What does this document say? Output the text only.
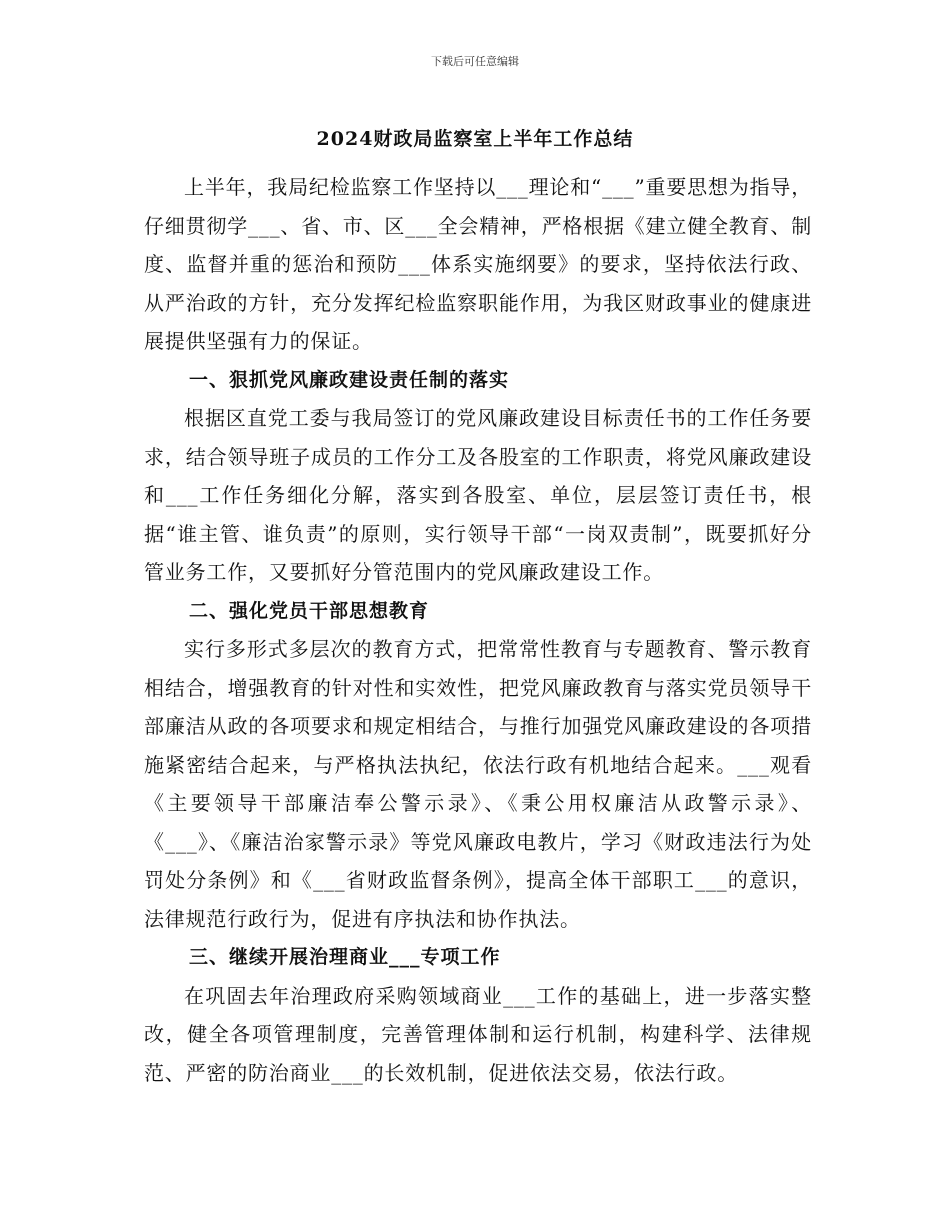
下载后可任意编辑
2024财政局监察室上半年工作总结

上半年，我局纪检监察工作坚持以___理论和“___”重要思想为指导，仔细贯彻学___、省、市、区___全会精神，严格根据《建立健全教育、制度、监督并重的惩治和预防___体系实施纲要》的要求，坚持依法行政、从严治政的方针，充分发挥纪检监察职能作用，为我区财政事业的健康进展提供坚强有力的保证。

一、狠抓党风廉政建设责任制的落实

根据区直党工委与我局签订的党风廉政建设目标责任书的工作任务要求，结合领导班子成员的工作分工及各股室的工作职责，将党风廉政建设和___工作任务细化分解，落实到各股室、单位，层层签订责任书，根据“谁主管、谁负责”的原则，实行领导干部“一岗双责制”，既要抓好分管业务工作，又要抓好分管范围内的党风廉政建设工作。

二、强化党员干部思想教育

实行多形式多层次的教育方式，把常常性教育与专题教育、警示教育相结合，增强教育的针对性和实效性，把党风廉政教育与落实党员领导干部廉洁从政的各项要求和规定相结合，与推行加强党风廉政建设的各项措施紧密结合起来，与严格执法执纪，依法行政有机地结合起来。___观看《主要领导干部廉洁奉公警示录》、《秉公用权廉洁从政警示录》、《___》、《廉洁治家警示录》等党风廉政电教片，学习《财政违法行为处罚处分条例》和《___省财政监督条例》，提高全体干部职工___的意识，法律规范行政行为，促进有序执法和协作执法。

三、继续开展治理商业___专项工作

在巩固去年治理政府采购领域商业___工作的基础上，进一步落实整改，健全各项管理制度，完善管理体制和运行机制，构建科学、法律规范、严密的防治商业___的长效机制，促进依法交易，依法行政。
